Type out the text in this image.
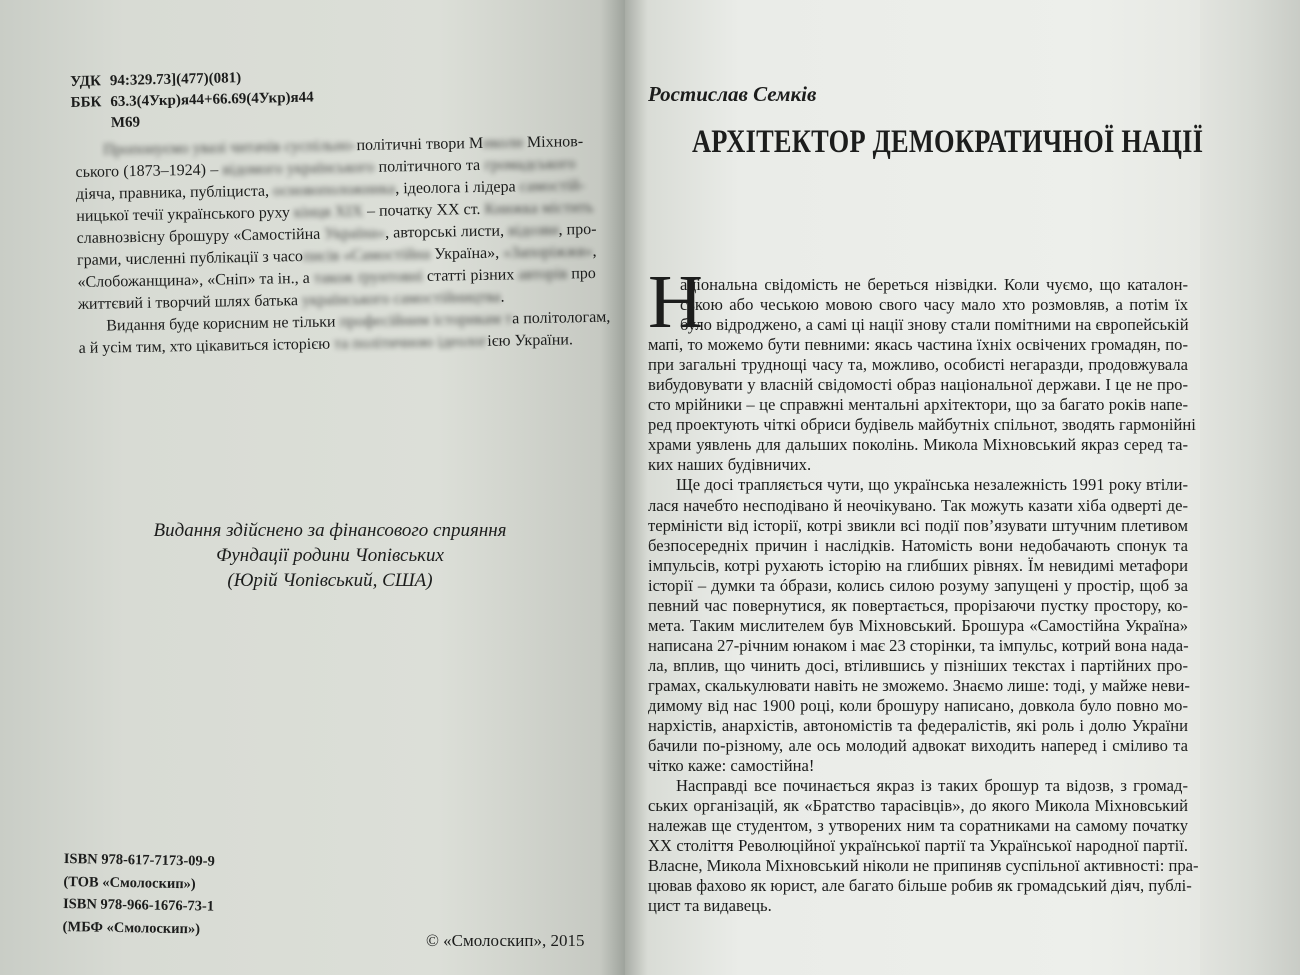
УДК 94:329.73](477)(081)
ББК 63.3(4Укр)я44+66.69(4Укр)я44
М69
Пропонуємо увазі читачів суспільно-політичні твори Миколи Міхнов-
ського (1873–1924) – відомого українського політичного та громадського
діяча, правника, публіциста, основоположника, ідеолога і лідера самостій-
ницької течії українського руху кінця XIX – початку XX ст. Книжка містить
славнозвісну брошуру «Самостійна Україна», авторські листи, відозви, про-
грами, численні публікації з часописів «Самостійна Україна», «Запоріжжя»,
«Слобожанщина», «Сніп» та ін., а також ґрунтовні статті різних авторів про
життєвий і творчий шлях батька українського самостійництва.
Видання буде корисним не тільки професійним історикам та політологам,
а й усім тим, хто цікавиться історією та політичною ідеологією України.
Видання здійснено за фінансового сприяння
Фундації родини Чопівських
(Юрій Чопівський, США)
ISBN 978-617-7173-09-9
(ТОВ «Смолоскип»)
ISBN 978-966-1676-73-1
(МБФ «Смолоскип»)
© «Смолоскип», 2015
Ростислав Семків
АРХІТЕКТОР ДЕМОКРАТИЧНОЇ НАЦІЇ
Н
аціональна свідомість не береться нізвідки. Коли чуємо, що каталон-
ською або чеською мовою свого часу мало хто розмовляв, а потім їх
було відроджено, а самі ці нації знову стали помітними на європейській
мапі, то можемо бути певними: якась частина їхніх освічених громадян, по-
при загальні труднощі часу та, можливо, особисті негаразди, продовжувала
вибудовувати у власній свідомості образ національної держави. І це не про-
сто мрійники – це справжні ментальні архітектори, що за багато років напе-
ред проектують чіткі обриси будівель майбутніх спільнот, зводять гармонійні
храми уявлень для дальших поколінь. Микола Міхновський якраз серед та-
ких наших будівничих.
Ще досі трапляється чути, що українська незалежність 1991 року втіли-
лася начебто несподівано й неочікувано. Так можуть казати хіба одверті де-
терміністи від історії, котрі звикли всі події пов’язувати штучним плетивом
безпосередніх причин і наслідків. Натомість вони недобачають спонук та
імпульсів, котрі рухають історію на глибших рівнях. Їм невидимі метафори
історії – думки та óбрази, колись силою розуму запущені у простір, щоб за
певний час повернутися, як повертається, прорізаючи пустку простору, ко-
мета. Таким мислителем був Міхновський. Брошура «Самостійна Україна»
написана 27-річним юнаком і має 23 сторінки, та імпульс, котрий вона нада-
ла, вплив, що чинить досі, втілившись у пізніших текстах і партійних про-
грамах, скалькулювати навіть не зможемо. Знаємо лише: тоді, у майже неви-
димому від нас 1900 році, коли брошуру написано, довкола було повно мо-
нархістів, анархістів, автономістів та федералістів, які роль і долю України
бачили по-різному, але ось молодий адвокат виходить наперед і сміливо та
чітко каже: самостійна!
Насправді все починається якраз із таких брошур та відозв, з громад-
ських організацій, як «Братство тарасівців», до якого Микола Міхновський
належав ще студентом, з утворених ним та соратниками на самому початку
XX століття Революційної української партії та Української народної партії.
Власне, Микола Міхновський ніколи не припиняв суспільної активності: пра-
цював фахово як юрист, але багато більше робив як громадський діяч, публі-
цист та видавець.
